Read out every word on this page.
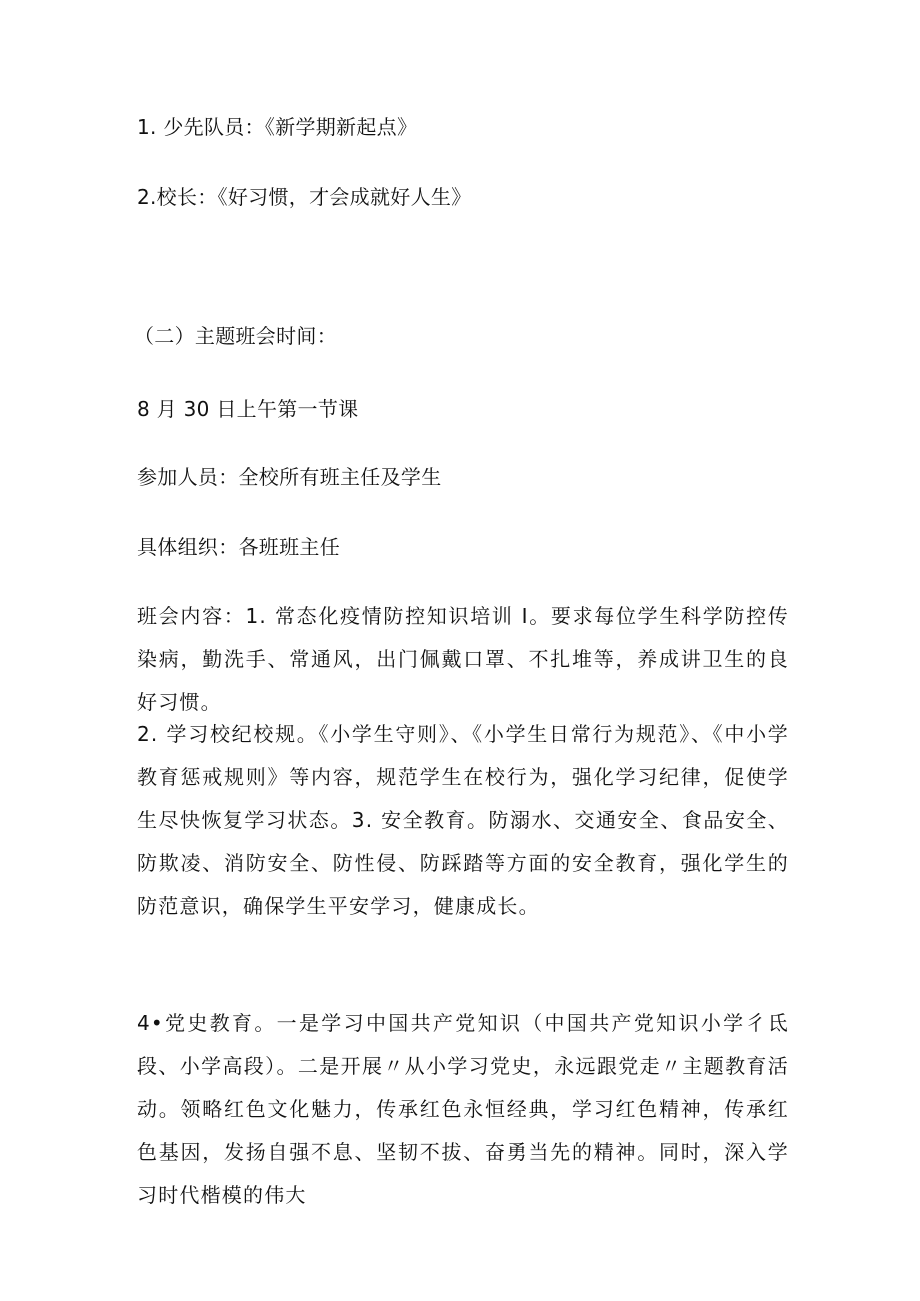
1. 少先队员：《新学期新起点》
2.校长：《好习惯，才会成就好人生》
（二）主题班会时间：
8 月 30 日上午第一节课
参加人员：全校所有班主任及学生
具体组织：各班班主任
班会内容：1. 常态化疫情防控知识培训 I。要求每位学生科学防控传染病，勤洗手、常通风，出门佩戴口罩、不扎堆等，养成讲卫生的良好习惯。
2. 学习校纪校规。《小学生守则》、《小学生日常行为规范》、《中小学教育惩戒规则》等内容，规范学生在校行为，强化学习纪律，促使学生尽快恢复学习状态。3. 安全教育。防溺水、交通安全、食品安全、防欺凌、消防安全、防性侵、防踩踏等方面的安全教育，强化学生的防范意识，确保学生平安学习，健康成长。
4•党史教育。一是学习中国共产党知识（中国共产党知识小学彳氐段、小学高段）。二是开展〃从小学习党史，永远跟党走〃主题教育活动。领略红色文化魅力，传承红色永恒经典，学习红色精神，传承红色基因，发扬自强不息、坚韧不拔、奋勇当先的精神。同时，深入学习时代楷模的伟大
